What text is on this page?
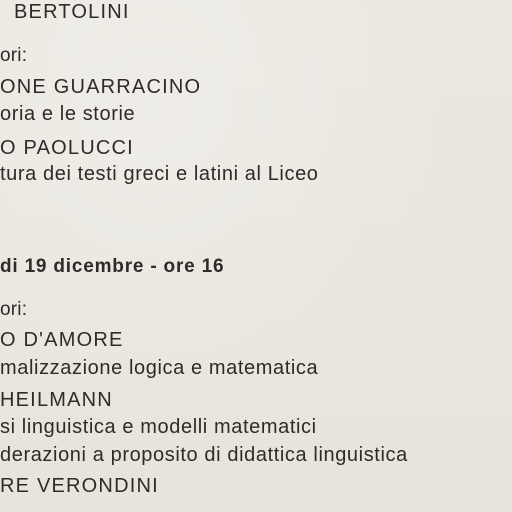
BERTOLINI
ori:
ONE GUARRACINO
oria e le storie
O PAOLUCCI
tura dei testi greci e latini al Liceo
di 19 dicembre - ore 16
ori:
O D'AMORE
malizzazione logica e matematica
HEILMANN
si linguistica e modelli matematici
derazioni a proposito di didattica linguistica
RE VERONDINI
